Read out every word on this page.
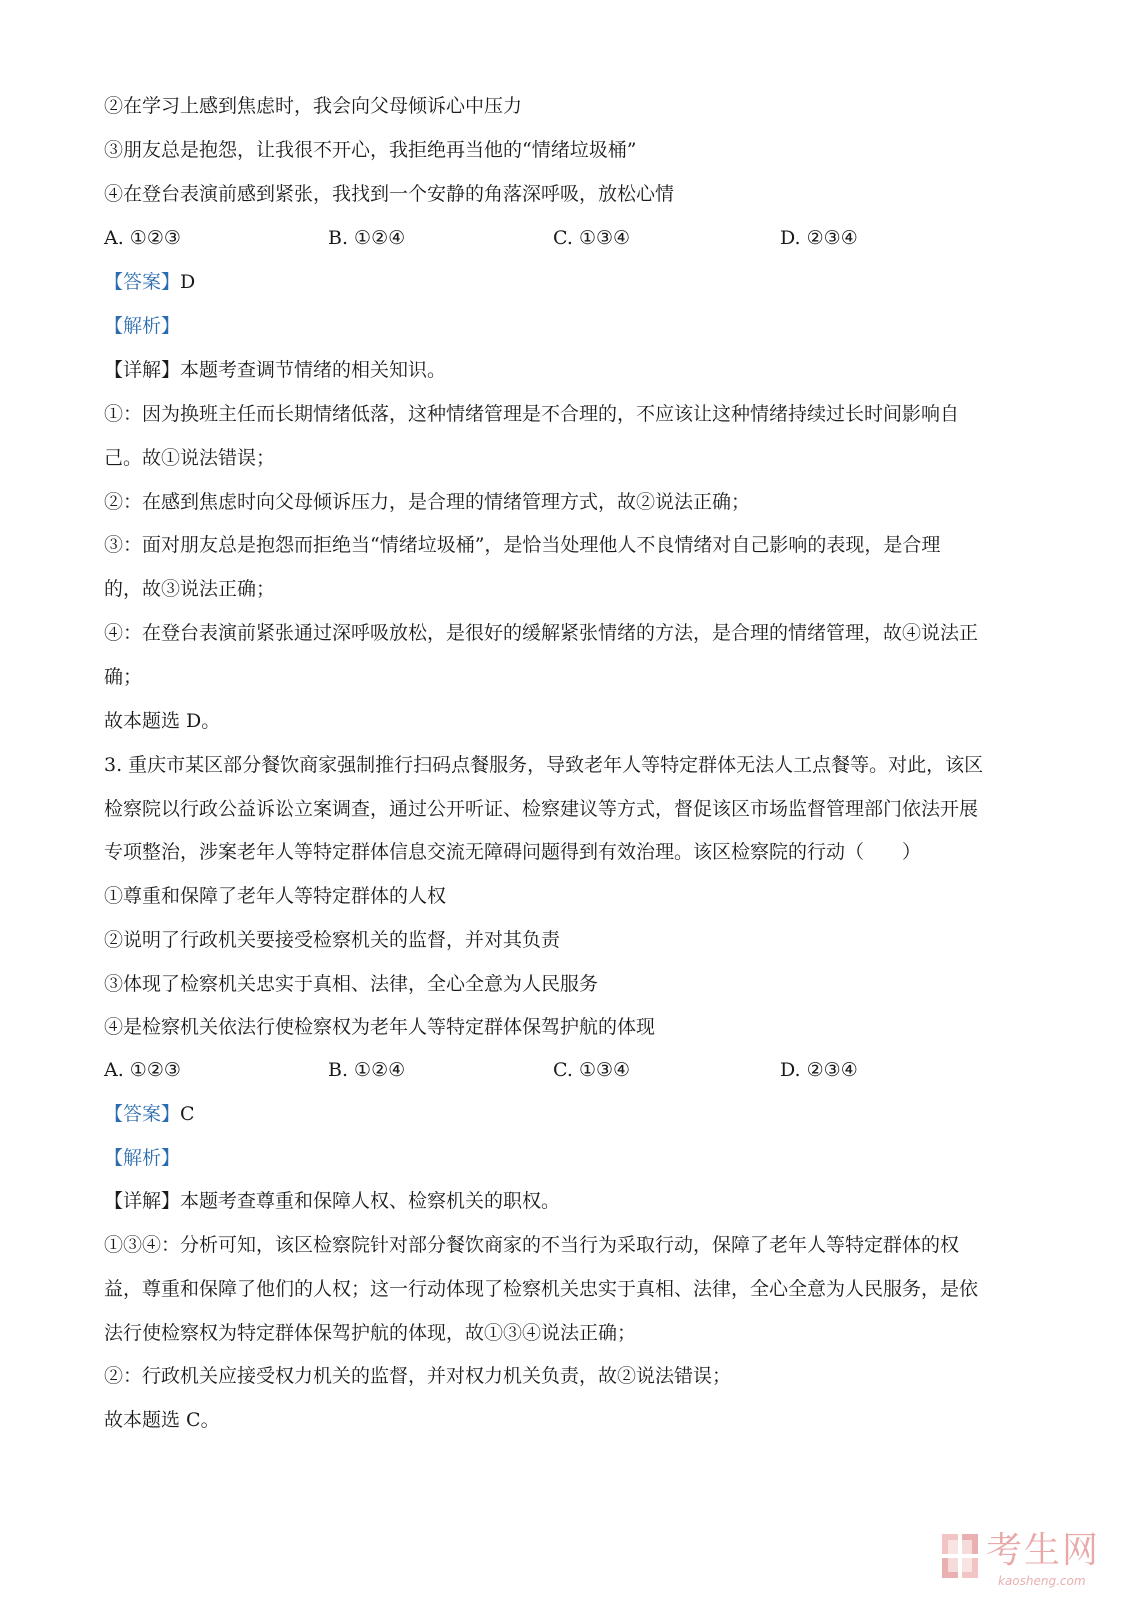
②在学习上感到焦虑时，我会向父母倾诉心中压力
③朋友总是抱怨，让我很不开心，我拒绝再当他的“情绪垃圾桶”
④在登台表演前感到紧张，我找到一个安静的角落深呼吸，放松心情
A. ①②③	B. ①②④	C. ①③④	D. ②③④
【答案】D
【解析】
【详解】本题考查调节情绪的相关知识。
①：因为换班主任而长期情绪低落，这种情绪管理是不合理的，不应该让这种情绪持续过长时间影响自
己。故①说法错误；
②：在感到焦虑时向父母倾诉压力，是合理的情绪管理方式，故②说法正确；
③：面对朋友总是抱怨而拒绝当“情绪垃圾桶”，是恰当处理他人不良情绪对自己影响的表现，是合理
的，故③说法正确；
④：在登台表演前紧张通过深呼吸放松，是很好的缓解紧张情绪的方法，是合理的情绪管理，故④说法正
确；
故本题选 D。
3. 重庆市某区部分餐饮商家强制推行扫码点餐服务，导致老年人等特定群体无法人工点餐等。对此，该区
检察院以行政公益诉讼立案调查，通过公开听证、检察建议等方式，督促该区市场监督管理部门依法开展
专项整治，涉案老年人等特定群体信息交流无障碍问题得到有效治理。该区检察院的行动（　　）
①尊重和保障了老年人等特定群体的人权
②说明了行政机关要接受检察机关的监督，并对其负责
③体现了检察机关忠实于真相、法律，全心全意为人民服务
④是检察机关依法行使检察权为老年人等特定群体保驾护航的体现
A. ①②③	B. ①②④	C. ①③④	D. ②③④
【答案】C
【解析】
【详解】本题考查尊重和保障人权、检察机关的职权。
①③④：分析可知，该区检察院针对部分餐饮商家的不当行为采取行动，保障了老年人等特定群体的权
益，尊重和保障了他们的人权；这一行动体现了检察机关忠实于真相、法律，全心全意为人民服务，是依
法行使检察权为特定群体保驾护航的体现，故①③④说法正确；
②：行政机关应接受权力机关的监督，并对权力机关负责，故②说法错误；
故本题选 C。
考生网
kaosheng.com
